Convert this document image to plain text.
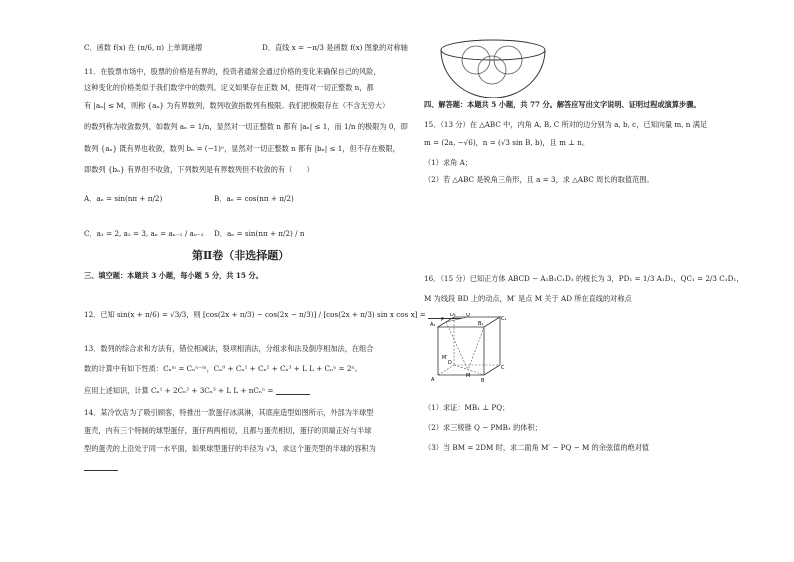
C．函数 f(x) 在 (π/6, π) 上单调递增	D．直线 x = −π/3 是函数 f(x) 图象的对称轴
11．在股票市场中，股票的价格是有界的，投资者通常会通过价格的变化来确保自己的风险，
这种变化的价格类似于我们数学中的数列。定义如果存在正数 M，使得对一切正整数 n，都
有 |aₙ| ≤ M，则称 {aₙ} 为有界数列，数列收敛指数列有极限。我们把极限存在（不含无穷大）
的数列称为收敛数列，如数列 aₙ = 1/n，显然对一切正整数 n 都有 |aₙ| ≤ 1，而 1/n 的极限为 0，即
数列 {aₙ} 既有界也收敛，数列 bₙ = (−1)ⁿ，显然对一切正整数 n 都有 |bₙ| ≤ 1，但不存在极限，
即数列 {bₙ} 有界但不收敛，下列数列是有界数列但不收敛的有（　　）
A．aₙ = sin(nπ + π/2)	B．aₙ = cos(nπ + π/2)
C．a₁ = 2, a₂ = 3, aₙ = aₙ₋₁ / aₙ₋₂ D．aₙ = sin(nπ + π/2) / n
第Ⅱ卷（非选择题）
三、填空题：本题共 3 小题，每小题 5 分，共 15 分。
12．已知 sin(x + π/6) = √3/3，则 [cos(2x + π/3) − cos(2x − π/3)] / [cos(2x + π/3) sin x cos x] =
13．数列的综合求和方法有，错位相减法，裂项相消法，分组求和法及倒序相加法，在组合
数的计算中有如下性质：Cₙᵐ = Cₙⁿ⁻ᵐ，Cₙ⁰ + Cₙ¹ + Cₙ² + Cₙ³ + L L + Cₙⁿ = 2ⁿ。
应用上述知识，计算 Cₙ¹ + 2Cₙ² + 3Cₙ³ + L L + nCₙⁿ =
14．某冷饮店为了吸引顾客，特推出一款蛋仔冰淇淋，其底座造型如图所示，外部为半球型
蛋壳，内有三个特制的球型蛋仔，蛋仔两两相切，且都与蛋壳相切，蛋仔的顶端正好与半球
型的蛋壳的上沿处于同一水平面，如果球型蛋仔的半径为 √3，求这个蛋壳型的半球的容积为
四、解答题：本题共 5 小题，共 77 分。解答应写出文字说明、证明过程或演算步骤。
15．（13 分）在 △ABC 中，内角 A, B, C 所对的边分别为 a, b, c，已知向量 m, n 满足
m = (2a, −√6)，n = (√3 sin B, b)，且 m ⊥ n。
（1）求角 A；
（2）若 △ABC 是锐角三角形，且 a = 3，求 △ABC 周长的取值范围。
16．（15 分）已知正方体 ABCD − A₁B₁C₁D₁ 的棱长为 3，PD₁ = 1/3 A₁D₁，QC₁ = 2/3 C₁D₁，
M 为线段 BD 上的动点，M′ 是点 M 关于 AD 所在直线的对称点
A₁
D₁
B₁
C₁
A
D
B
C
P
Q
M
M′
（1）求证：MB₁ ⊥ PQ；
（2）求三棱锥 Q − PMB₁ 的体积；
（3）当 BM = 2DM 时，求二面角 M′ − PQ − M 的余弦值的绝对值
